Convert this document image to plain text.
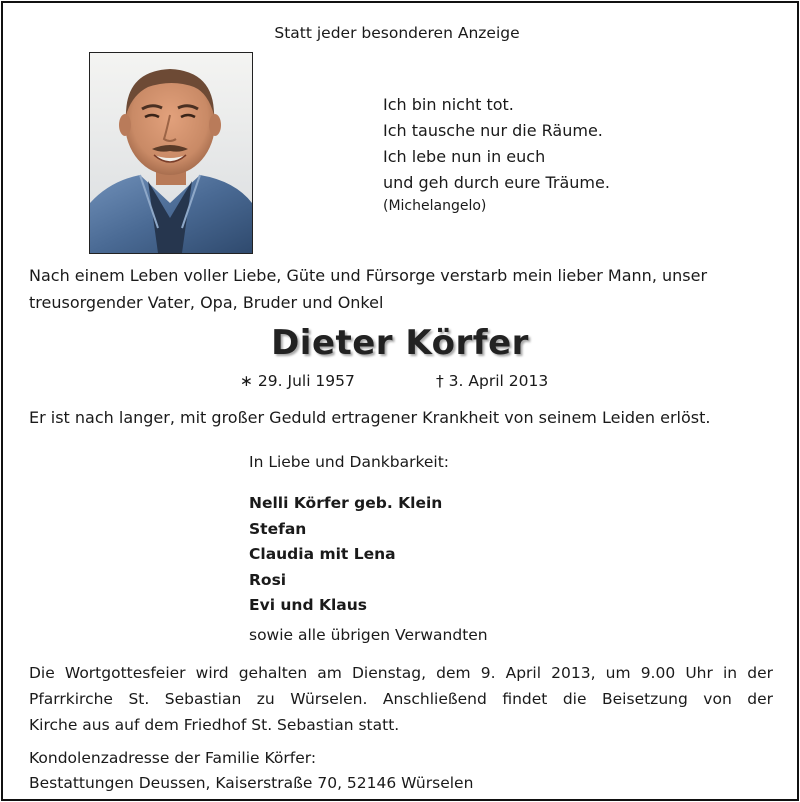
Statt jeder besonderen Anzeige
Ich bin nicht tot.
Ich tausche nur die Räume.
Ich lebe nun in euch
und geh durch eure Träume.
(Michelangelo)
Nach einem Leben voller Liebe, Güte und Fürsorge verstarb mein lieber Mann, unser
treusorgender Vater, Opa, Bruder und Onkel
Dieter Körfer
∗ 29. Juli 1957	† 3. April 2013
Er ist nach langer, mit großer Geduld ertragener Krankheit von seinem Leiden erlöst.
In Liebe und Dankbarkeit:
Nelli Körfer geb. Klein
Stefan
Claudia mit Lena
Rosi
Evi und Klaus
sowie alle übrigen Verwandten
Die Wortgottesfeier wird gehalten am Dienstag, dem 9. April 2013, um 9.00 Uhr in der
Pfarrkirche St. Sebastian zu Würselen. Anschließend findet die Beisetzung von der
Kirche aus auf dem Friedhof St. Sebastian statt.
Kondolenzadresse der Familie Körfer:
Bestattungen Deussen, Kaiserstraße 70, 52146 Würselen
